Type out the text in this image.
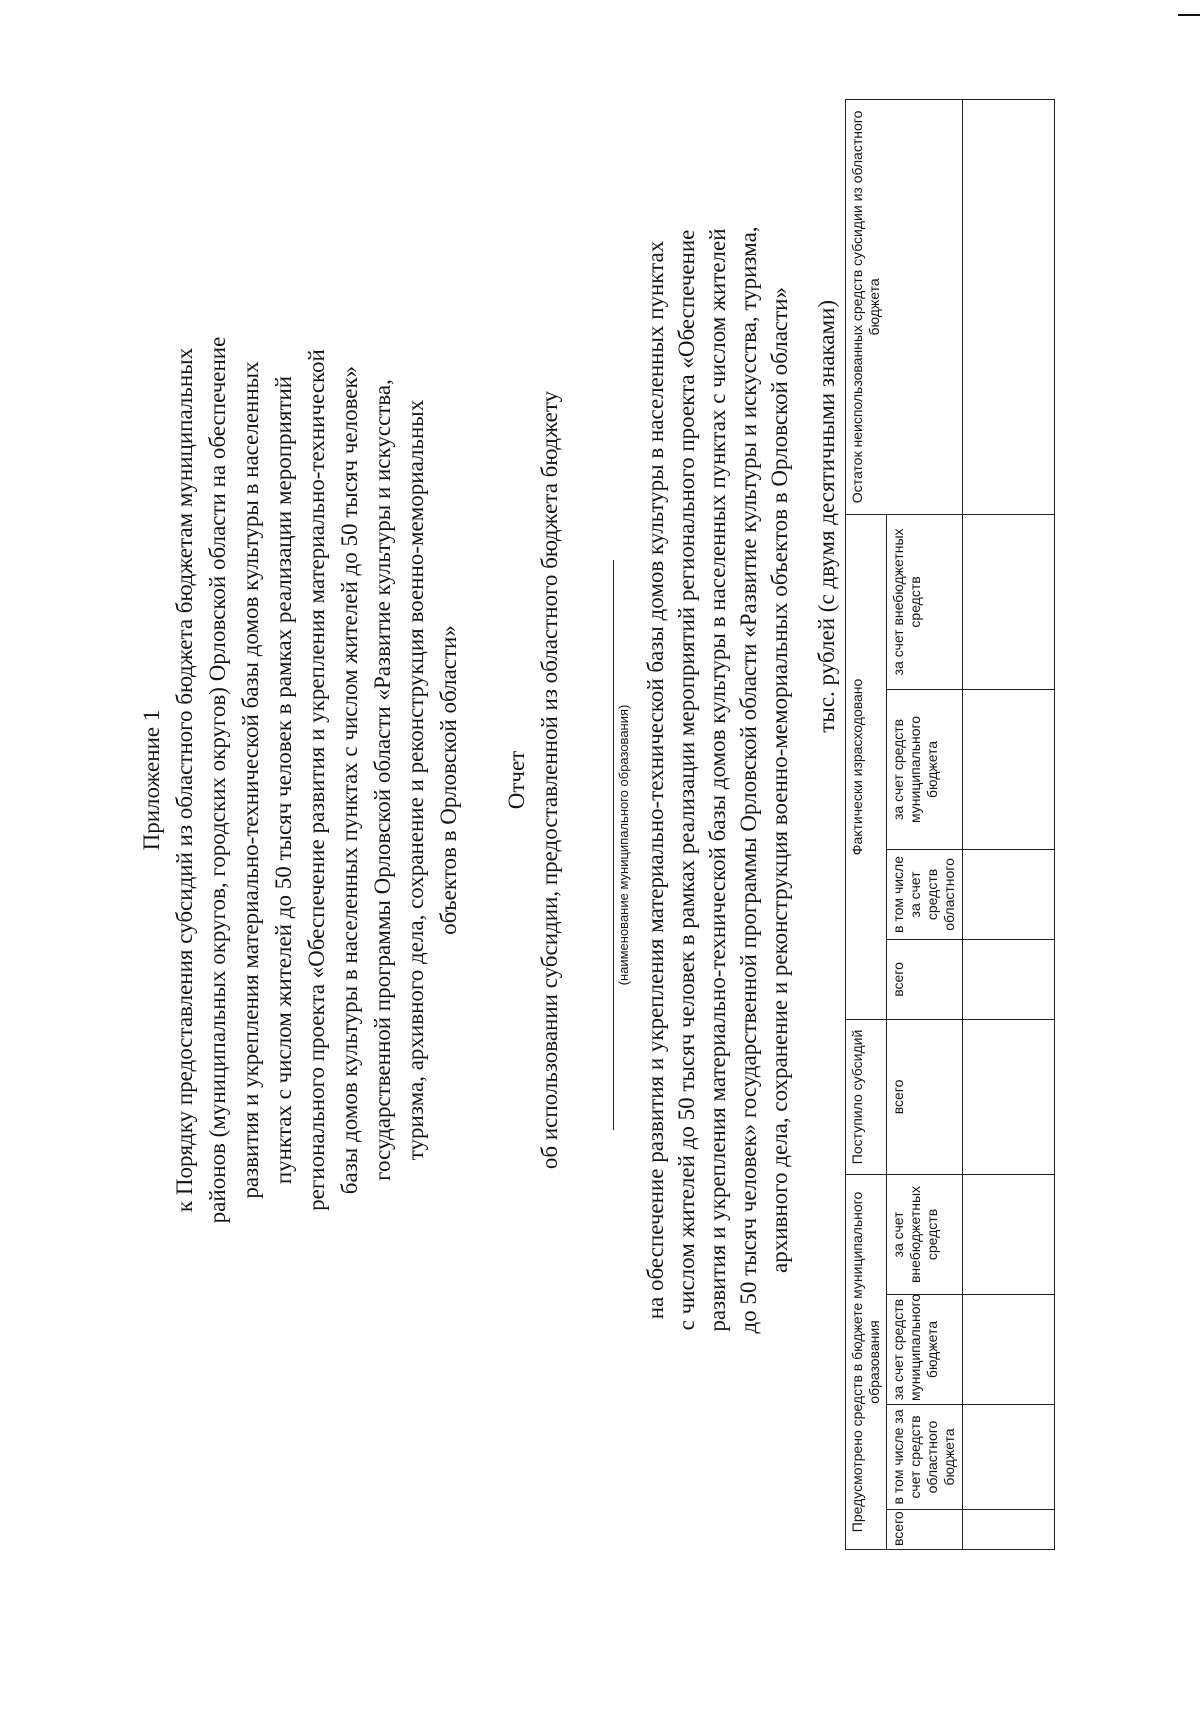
Приложение 1 к Порядку предоставления субсидий из областного бюджета бюджетам муниципальных районов (муниципальных округов, городских округов) Орловской области на обеспечение развития и укрепления материально-технической базы домов культуры в населенных пунктах с числом жителей до 50 тысяч человек в рамках реализации мероприятий регионального проекта «Обеспечение развития и укрепления материально-технической базы домов культуры в населенных пунктах с числом жителей до 50 тысяч человек» государственной программы Орловской области «Развитие культуры и искусства, туризма, архивного дела, сохранение и реконструкция военно-мемориальных объектов в Орловской области» Отчет об использовании субсидии, предоставленной из областного бюджета бюджету	(наименование муниципального образования) на обеспечение развития и укрепления материально-технической базы домов культуры в населенных пунктах с числом жителей до 50 тысяч человек в рамках реализации мероприятий регионального проекта «Обеспечение развития и укрепления материально-технической базы домов культуры в населенных пунктах с числом жителей до 50 тысяч человек» государственной программы Орловской области «Развитие культуры и искусства, туризма, архивного дела, сохранение и реконструкция военно-мемориальных объектов в Орловской области» тыс. рублей (с двумя десятичными знаками)
Предусмотрено средств в бюджете муниципального образования				Поступило субсидий	Фактически израсходовано				Остаток неиспользованных средств субсидии из областного бюджета
всего	в том числе за счет средств областного бюджета	за счет средств муниципального бюджета	за счет внебюджетных средств	всего	всего	в том числе за счет средств областного	за счет средств муниципального бюджета	за счет внебюджетных средств	
